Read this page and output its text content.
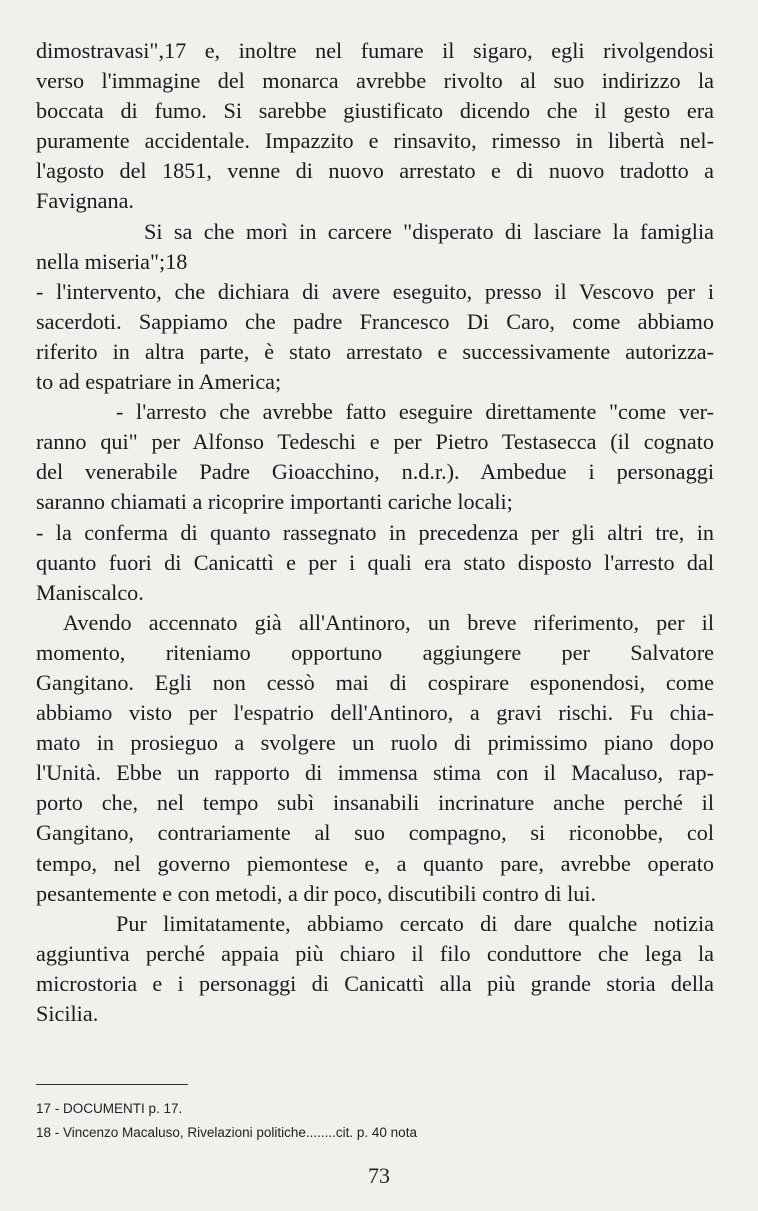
dimostravasi",17 e, inoltre nel fumare il sigaro, egli rivolgendosi
verso l'immagine del monarca avrebbe rivolto al suo indirizzo la
boccata di fumo. Si sarebbe giustificato dicendo che il gesto era
puramente accidentale. Impazzito e rinsavito, rimesso in libertà nel-
l'agosto del 1851, venne di nuovo arrestato e di nuovo tradotto a
Favignana.
Si sa che morì in carcere "disperato di lasciare la famiglia
nella miseria";18
- l'intervento, che dichiara di avere eseguito, presso il Vescovo per i
sacerdoti. Sappiamo che padre Francesco Di Caro, come abbiamo
riferito in altra parte, è stato arrestato e successivamente autorizza-
to ad espatriare in America;
- l'arresto che avrebbe fatto eseguire direttamente "come ver-
ranno qui" per Alfonso Tedeschi e per Pietro Testasecca (il cognato
del venerabile Padre Gioacchino, n.d.r.). Ambedue i personaggi
saranno chiamati a ricoprire importanti cariche locali;
- la conferma di quanto rassegnato in precedenza per gli altri tre, in
quanto fuori di Canicattì e per i quali era stato disposto l'arresto dal
Maniscalco.
Avendo accennato già all'Antinoro, un breve riferimento, per il
momento, riteniamo opportuno aggiungere per Salvatore
Gangitano. Egli non cessò mai di cospirare esponendosi, come
abbiamo visto per l'espatrio dell'Antinoro, a gravi rischi. Fu chia-
mato in prosieguo a svolgere un ruolo di primissimo piano dopo
l'Unità. Ebbe un rapporto di immensa stima con il Macaluso, rap-
porto che, nel tempo subì insanabili incrinature anche perché il
Gangitano, contrariamente al suo compagno, si riconobbe, col
tempo, nel governo piemontese e, a quanto pare, avrebbe operato
pesantemente e con metodi, a dir poco, discutibili contro di lui.
Pur limitatamente, abbiamo cercato di dare qualche notizia
aggiuntiva perché appaia più chiaro il filo conduttore che lega la
microstoria e i personaggi di Canicattì alla più grande storia della
Sicilia.
17 - DOCUMENTI p. 17.
18 - Vincenzo Macaluso, Rivelazioni politiche........cit. p. 40 nota
73
